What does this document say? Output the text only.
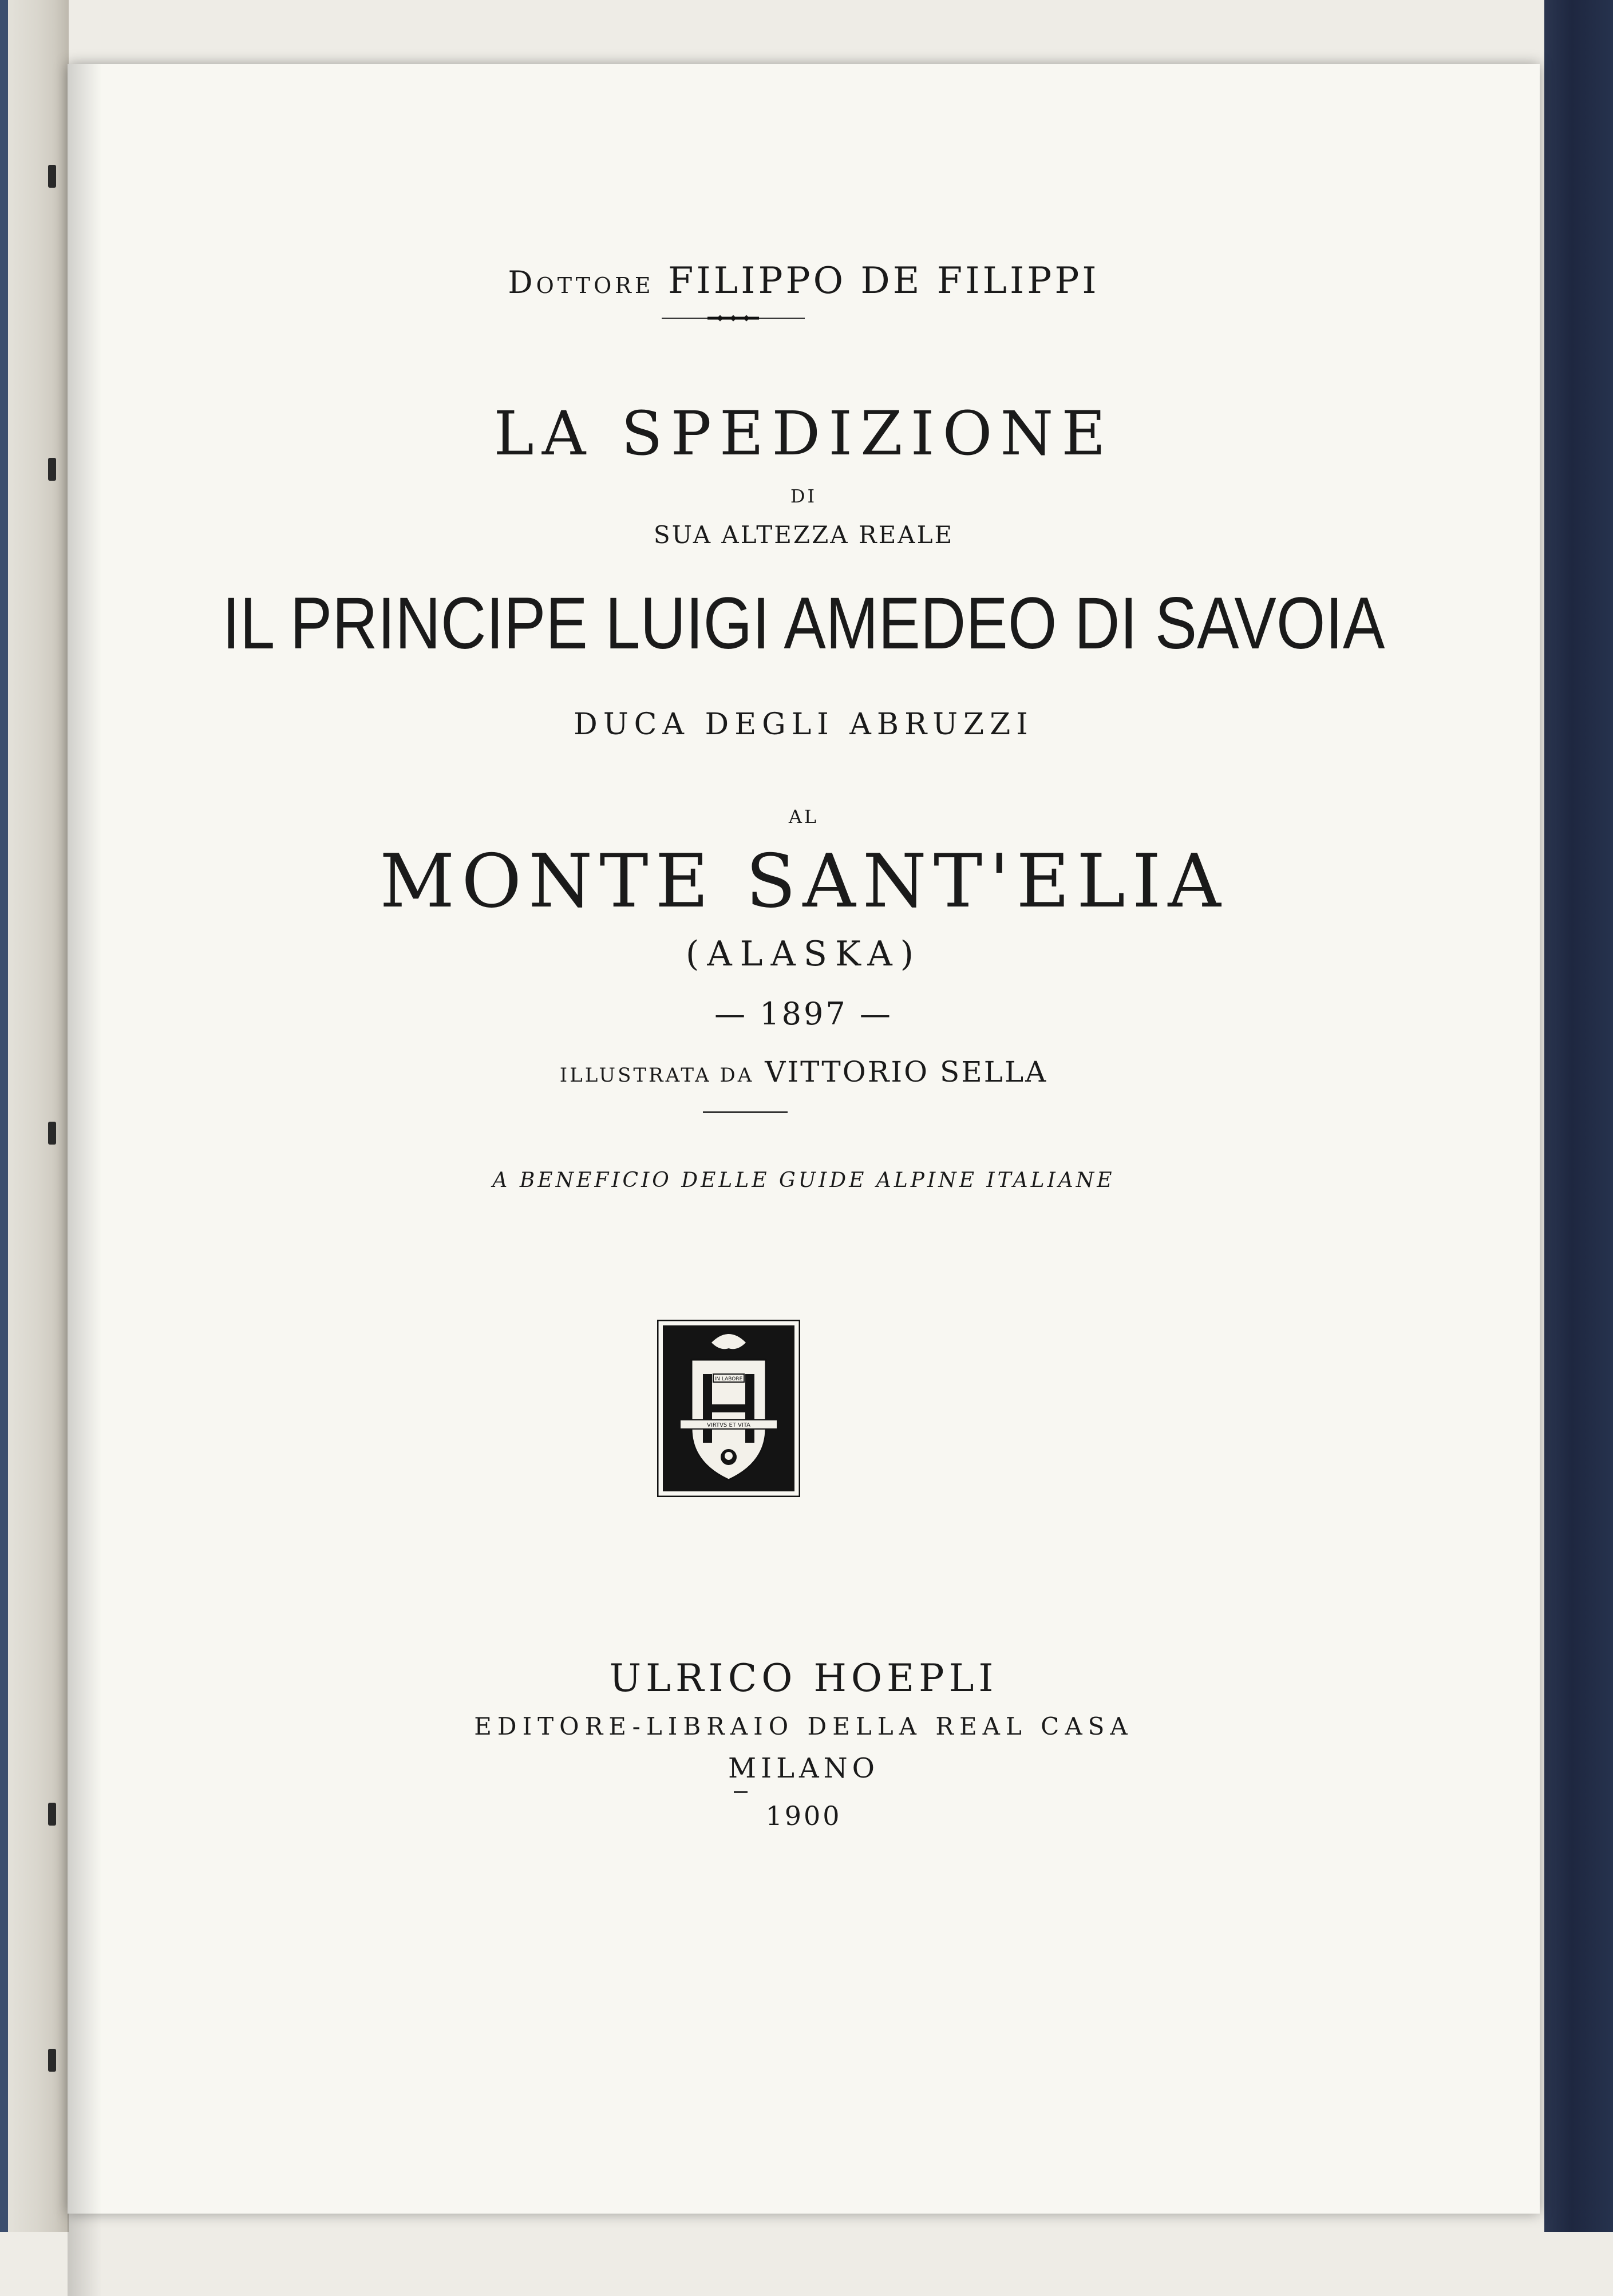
Dottore FILIPPO DE FILIPPI
LA SPEDIZIONE
DI
SUA ALTEZZA REALE
IL PRINCIPE LUIGI AMEDEO DI SAVOIA
DUCA DEGLI ABRUZZI
AL
MONTE SANT'ELIA
(ALASKA)
— 1897 —
ILLUSTRATA DA VITTORIO SELLA
A BENEFICIO DELLE GUIDE ALPINE ITALIANE
IN LABORE
VIRTVS ET VITA
ULRICO HOEPLI
EDITORE-LIBRAIO DELLA REAL CASA
MILANO
1900
